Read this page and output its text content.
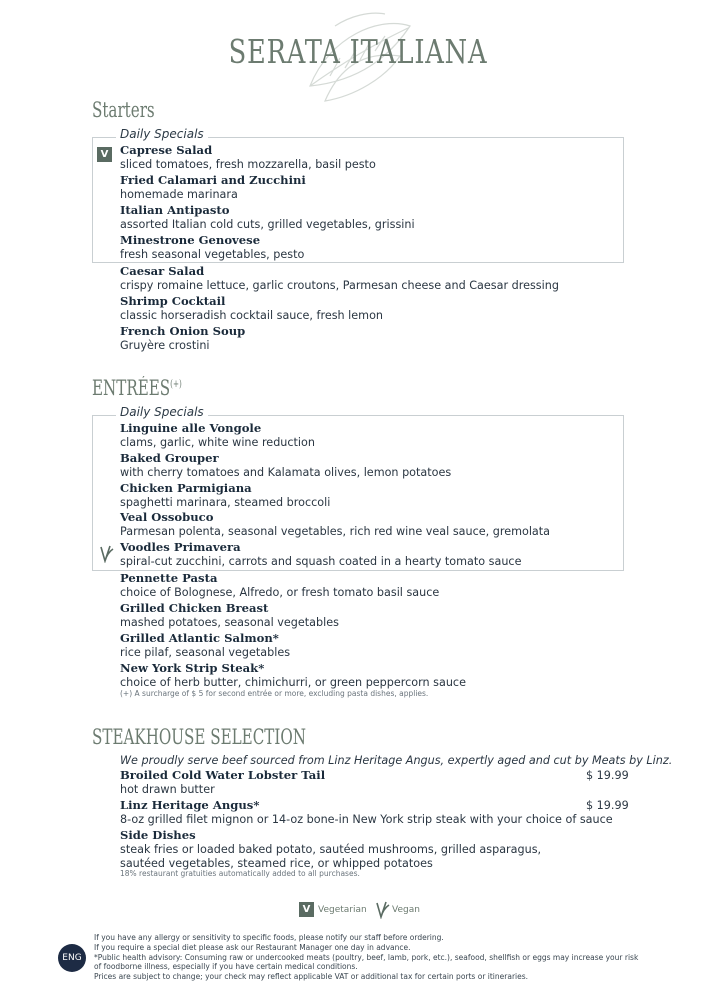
SERATA ITALIANA
Starters
Daily Specials
V	Caprese Salad
sliced tomatoes, fresh mozzarella, basil pesto
Fried Calamari and Zucchini
homemade marinara
Italian Antipasto
assorted Italian cold cuts, grilled vegetables, grissini
Minestrone Genovese
fresh seasonal vegetables, pesto
Caesar Salad
crispy romaine lettuce, garlic croutons, Parmesan cheese and Caesar dressing
Shrimp Cocktail
classic horseradish cocktail sauce, fresh lemon
French Onion Soup
Gruyère crostini
ENTRÉES(+)
Daily Specials
Linguine alle Vongole
clams, garlic, white wine reduction
Baked Grouper
with cherry tomatoes and Kalamata olives, lemon potatoes
Chicken Parmigiana
spaghetti marinara, steamed broccoli
Veal Ossobuco
Parmesan polenta, seasonal vegetables, rich red wine veal sauce, gremolata
Voodles Primavera
spiral-cut zucchini, carrots and squash coated in a hearty tomato sauce
Pennette Pasta
choice of Bolognese, Alfredo, or fresh tomato basil sauce
Grilled Chicken Breast
mashed potatoes, seasonal vegetables
Grilled Atlantic Salmon*
rice pilaf, seasonal vegetables
New York Strip Steak*
choice of herb butter, chimichurri, or green peppercorn sauce
(+) A surcharge of $ 5 for second entrée or more, excluding pasta dishes, applies.
STEAKHOUSE SELECTION
We proudly serve beef sourced from Linz Heritage Angus, expertly aged and cut by Meats by Linz.
Broiled Cold Water Lobster Tail
hot drawn butter
$ 19.99
Linz Heritage Angus*
8-oz grilled filet mignon or 14-oz bone-in New York strip steak with your choice of sauce
$ 19.99
Side Dishes
steak fries or loaded baked potato, sautéed mushrooms, grilled asparagus,
sautéed vegetables, steamed rice, or whipped potatoes
18% restaurant gratuities automatically added to all purchases.
V Vegetarian	Vegan
ENG
If you have any allergy or sensitivity to specific foods, please notify our staff before ordering.
If you require a special diet please ask our Restaurant Manager one day in advance.
*Public health advisory: Consuming raw or undercooked meats (poultry, beef, lamb, pork, etc.), seafood, shellfish or eggs may increase your risk
of foodborne illness, especially if you have certain medical conditions.
Prices are subject to change; your check may reflect applicable VAT or additional tax for certain ports or itineraries.
